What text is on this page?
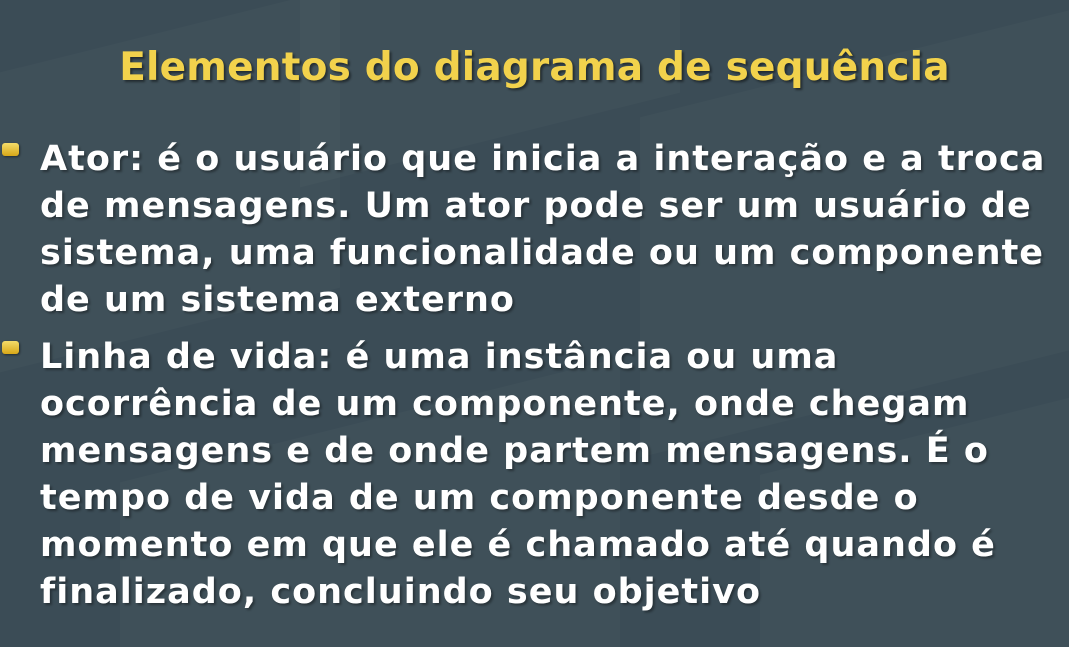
Elementos do diagrama de sequência
Ator: é o usuário que inicia a interação e a troca de mensagens. Um ator pode ser um usuário de sistema, uma funcionalidade ou um componente de um sistema externo
Linha de vida: é uma instância ou uma ocorrência de um componente, onde chegam mensagens e de onde partem mensagens. É o tempo de vida de um componente desde o momento em que ele é chamado até quando é finalizado, concluindo seu objetivo
